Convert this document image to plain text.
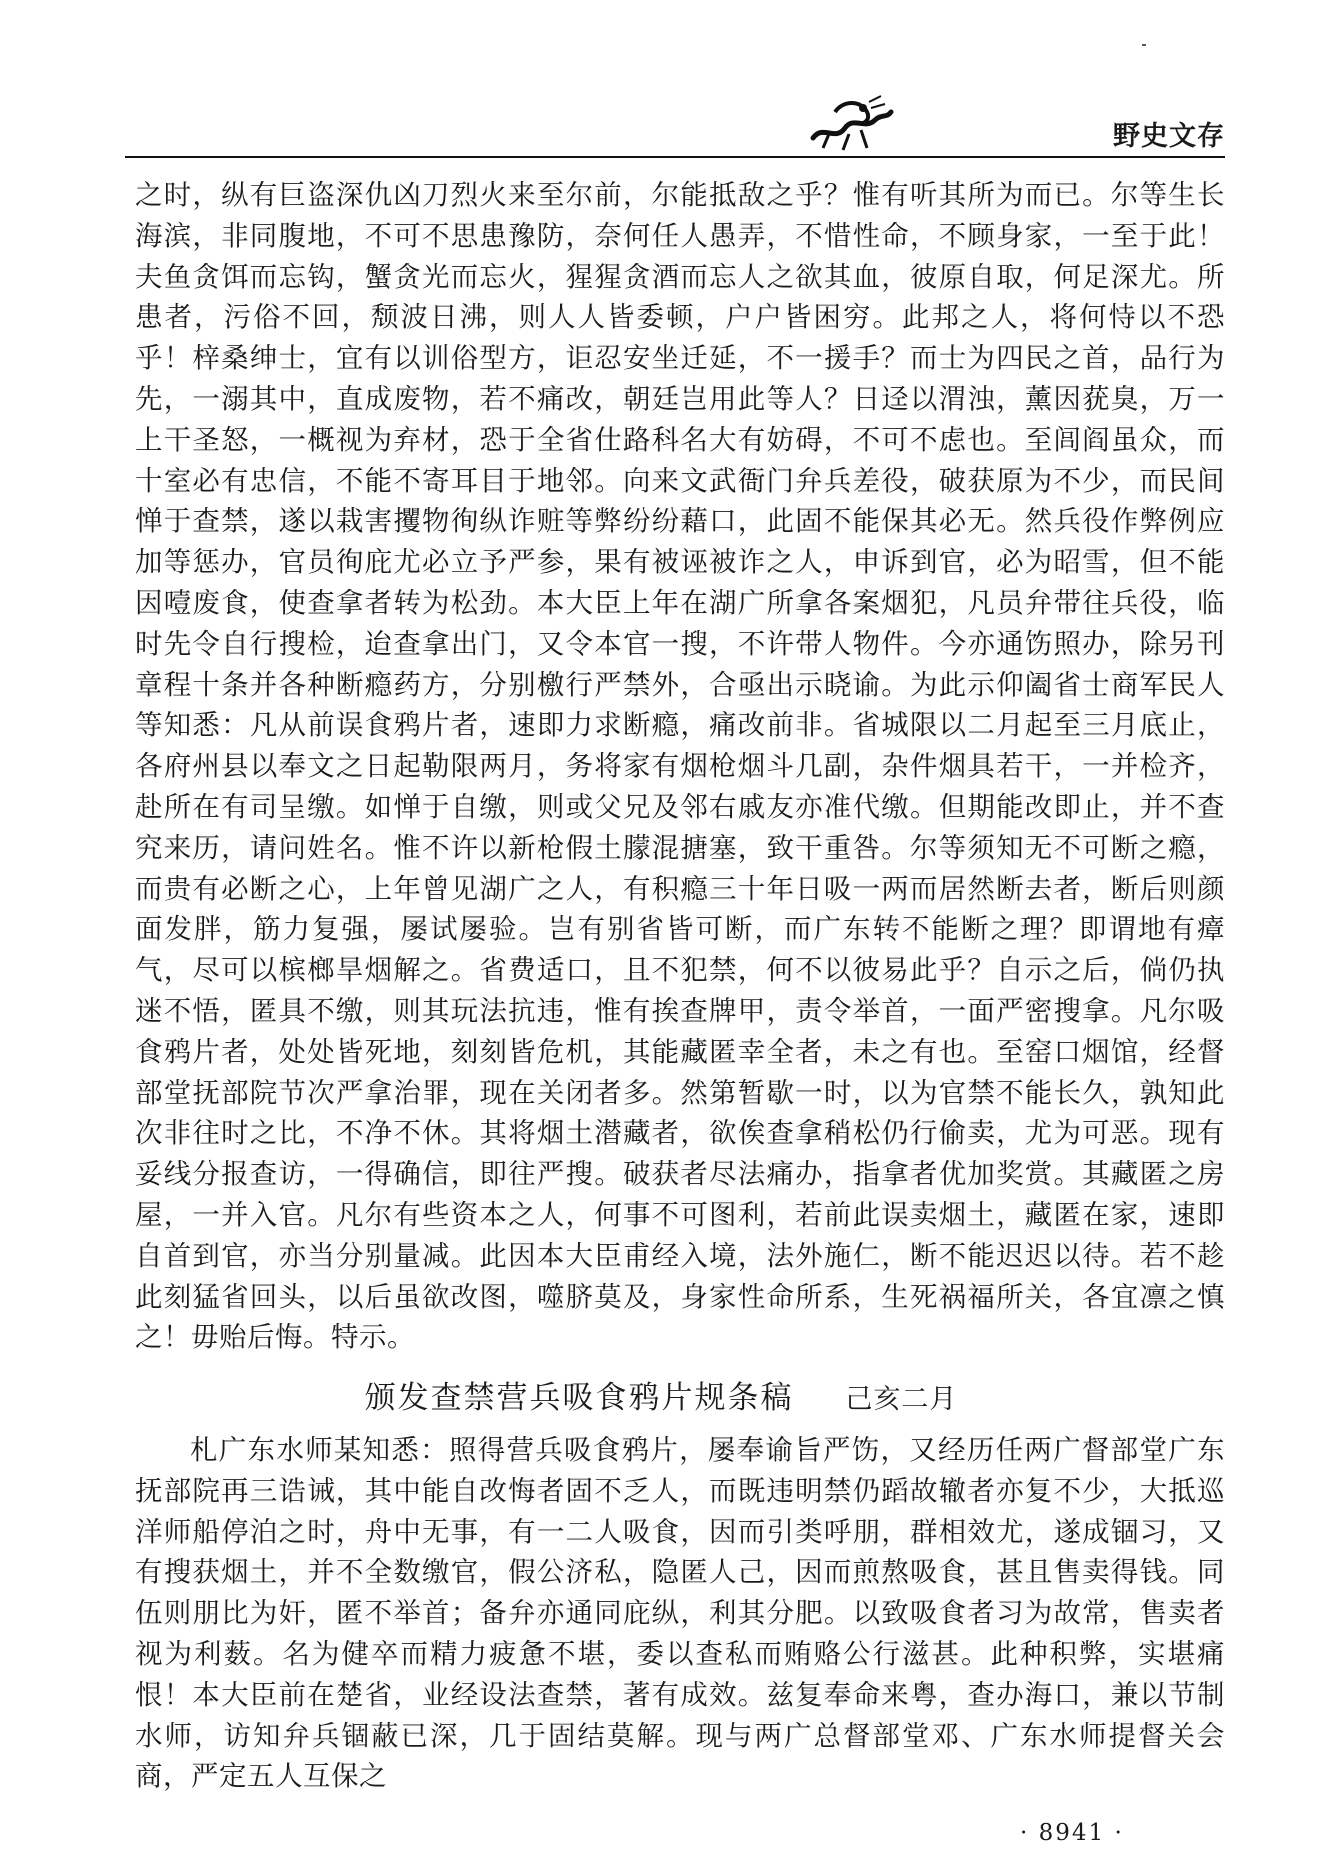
野史文存

之时，纵有巨盗深仇凶刀烈火来至尔前，尔能抵敌之乎？惟有听其所为而已。尔等生长海滨，非同腹地，不可不思患豫防，奈何任人愚弄，不惜性命，不顾身家，一至于此！夫鱼贪饵而忘钩，蟹贪光而忘火，猩猩贪酒而忘人之欲其血，彼原自取，何足深尤。所患者，污俗不回，颓波日沸，则人人皆委顿，户户皆困穷。此邦之人，将何恃以不恐乎！梓桑绅士，宜有以训俗型方，讵忍安坐迁延，不一援手？而士为四民之首，品行为先，一溺其中，直成废物，若不痛改，朝廷岂用此等人？日迳以渭浊，薰因莸臭，万一上干圣怒，一概视为弃材，恐于全省仕路科名大有妨碍，不可不虑也。至闾阎虽众，而十室必有忠信，不能不寄耳目于地邻。向来文武衙门弁兵差役，破获原为不少，而民间惮于查禁，遂以栽害攫物徇纵诈赃等弊纷纷藉口，此固不能保其必无。然兵役作弊例应加等惩办，官员徇庇尤必立予严参，果有被诬被诈之人，申诉到官，必为昭雪，但不能因噎废食，使查拿者转为松劲。本大臣上年在湖广所拿各案烟犯，凡员弁带往兵役，临时先令自行搜检，迨查拿出门，又令本官一搜，不许带人物件。今亦通饬照办，除另刊章程十条并各种断瘾药方，分别檄行严禁外，合亟出示晓谕。为此示仰阖省士商军民人等知悉：凡从前误食鸦片者，速即力求断瘾，痛改前非。省城限以二月起至三月底止，各府州县以奉文之日起勒限两月，务将家有烟枪烟斗几副，杂件烟具若干，一并检齐，赴所在有司呈缴。如惮于自缴，则或父兄及邻右戚友亦准代缴。但期能改即止，并不查究来历，请问姓名。惟不许以新枪假土朦混搪塞，致干重咎。尔等须知无不可断之瘾，而贵有必断之心，上年曾见湖广之人，有积瘾三十年日吸一两而居然断去者，断后则颜面发胖，筋力复强，屡试屡验。岂有别省皆可断，而广东转不能断之理？即谓地有瘴气，尽可以槟榔旱烟解之。省费适口，且不犯禁，何不以彼易此乎？自示之后，倘仍执迷不悟，匿具不缴，则其玩法抗违，惟有挨查牌甲，责令举首，一面严密搜拿。凡尔吸食鸦片者，处处皆死地，刻刻皆危机，其能藏匿幸全者，未之有也。至窑口烟馆，经督部堂抚部院节次严拿治罪，现在关闭者多。然第暂歇一时，以为官禁不能长久，孰知此次非往时之比，不净不休。其将烟土潜藏者，欲俟查拿稍松仍行偷卖，尤为可恶。现有妥线分报查访，一得确信，即往严搜。破获者尽法痛办，指拿者优加奖赏。其藏匿之房屋，一并入官。凡尔有些资本之人，何事不可图利，若前此误卖烟土，藏匿在家，速即自首到官，亦当分别量减。此因本大臣甫经入境，法外施仁，断不能迟迟以待。若不趁此刻猛省回头，以后虽欲改图，噬脐莫及，身家性命所系，生死祸福所关，各宜凛之慎之！毋贻后悔。特示。

颁发查禁营兵吸食鸦片规条稿 己亥二月

札广东水师某知悉：照得营兵吸食鸦片，屡奉谕旨严饬，又经历任两广督部堂广东抚部院再三诰诫，其中能自改悔者固不乏人，而既违明禁仍蹈故辙者亦复不少，大抵巡洋师船停泊之时，舟中无事，有一二人吸食，因而引类呼朋，群相效尤，遂成锢习，又有搜获烟土，并不全数缴官，假公济私，隐匿人己，因而煎熬吸食，甚且售卖得钱。同伍则朋比为奸，匿不举首；备弁亦通同庇纵，利其分肥。以致吸食者习为故常，售卖者视为利薮。名为健卒而精力疲惫不堪，委以查私而贿赂公行滋甚。此种积弊，实堪痛恨！本大臣前在楚省，业经设法查禁，著有成效。兹复奉命来粤，查办海口，兼以节制水师，访知弁兵锢蔽已深，几于固结莫解。现与两广总督部堂邓、广东水师提督关会商，严定五人互保之

· 8941 ·
